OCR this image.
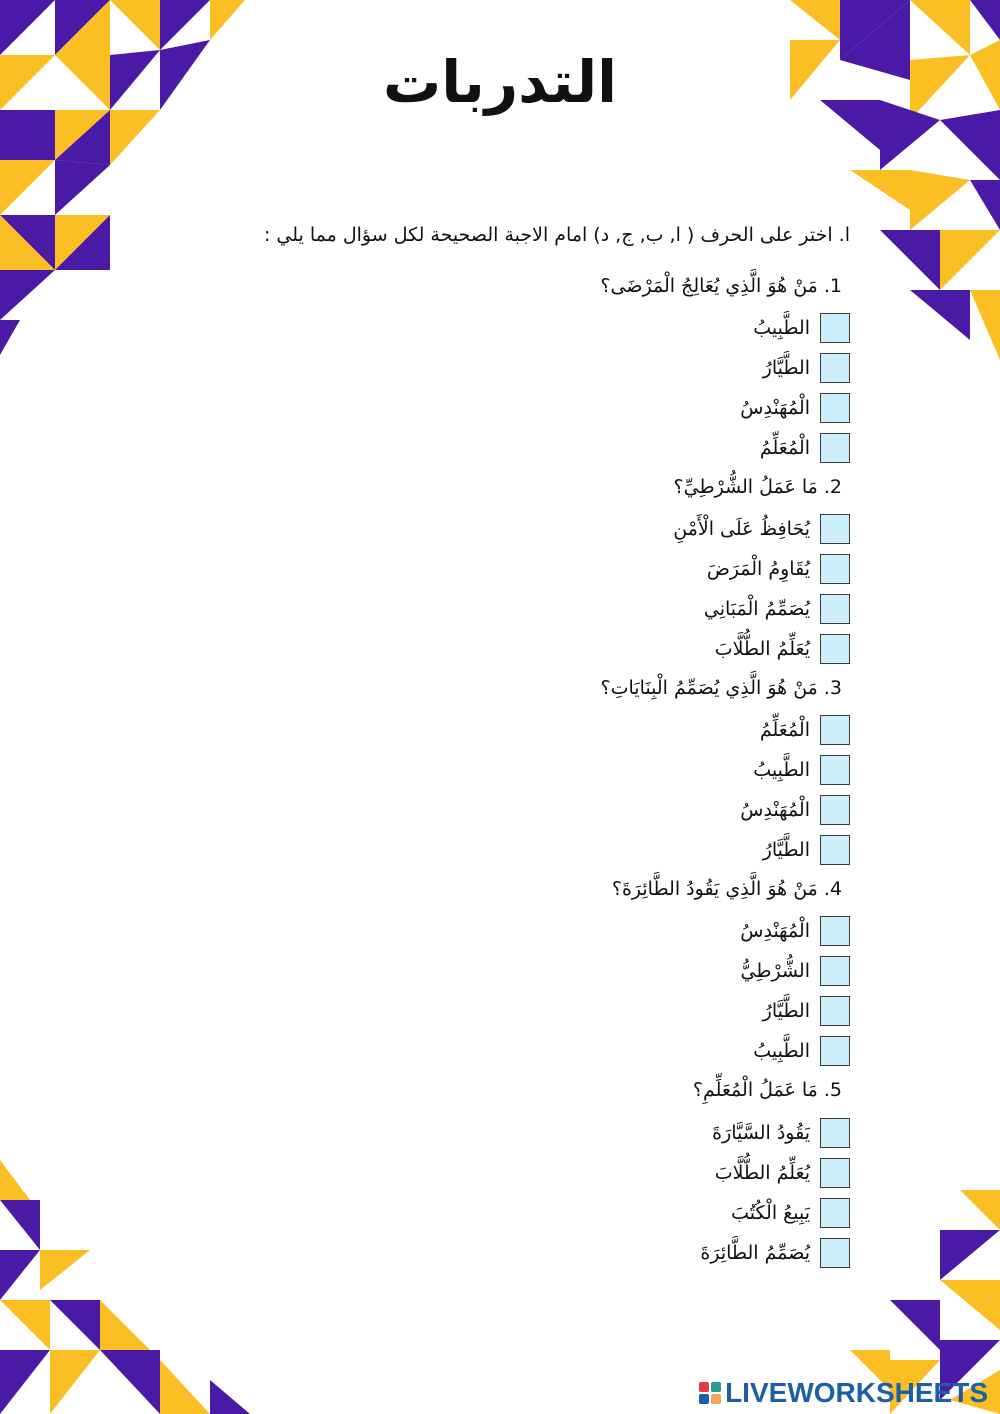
التدربات

ا. اختر على الحرف ( ا, ب, ج, د) امام الاجبة الصحيحة لكل سؤال مما يلي :

1.مَنْ هُوَ الَّذِي يُعَالِجُ الْمَرْضَى؟
الطَّبِيبُ
الطَّيَّارُ
الْمُهَنْدِسُ
الْمُعَلِّمُ
2.مَا عَمَلُ الشُّرْطِيِّ؟
يُحَافِظُ عَلَى الْأَمْنِ
يُقَاوِمُ الْمَرَضَ
يُصَمِّمُ الْمَبَانِي
يُعَلِّمُ الطُّلَّابَ
3.مَنْ هُوَ الَّذِي يُصَمِّمُ الْبِنَايَاتِ؟
الْمُعَلِّمُ
الطَّبِيبُ
الْمُهَنْدِسُ
الطَّيَّارُ
4.مَنْ هُوَ الَّذِي يَقُودُ الطَّائِرَةَ؟
الْمُهَنْدِسُ
الشُّرْطِيُّ
الطَّيَّارُ
الطَّبِيبُ
5.مَا عَمَلُ الْمُعَلِّمِ؟
يَقُودُ السَّيَّارَةَ
يُعَلِّمُ الطُّلَّابَ
يَبِيعُ الْكُتُبَ
يُصَمِّمُ الطَّائِرَةَ
LIVEWORKSHEETS
